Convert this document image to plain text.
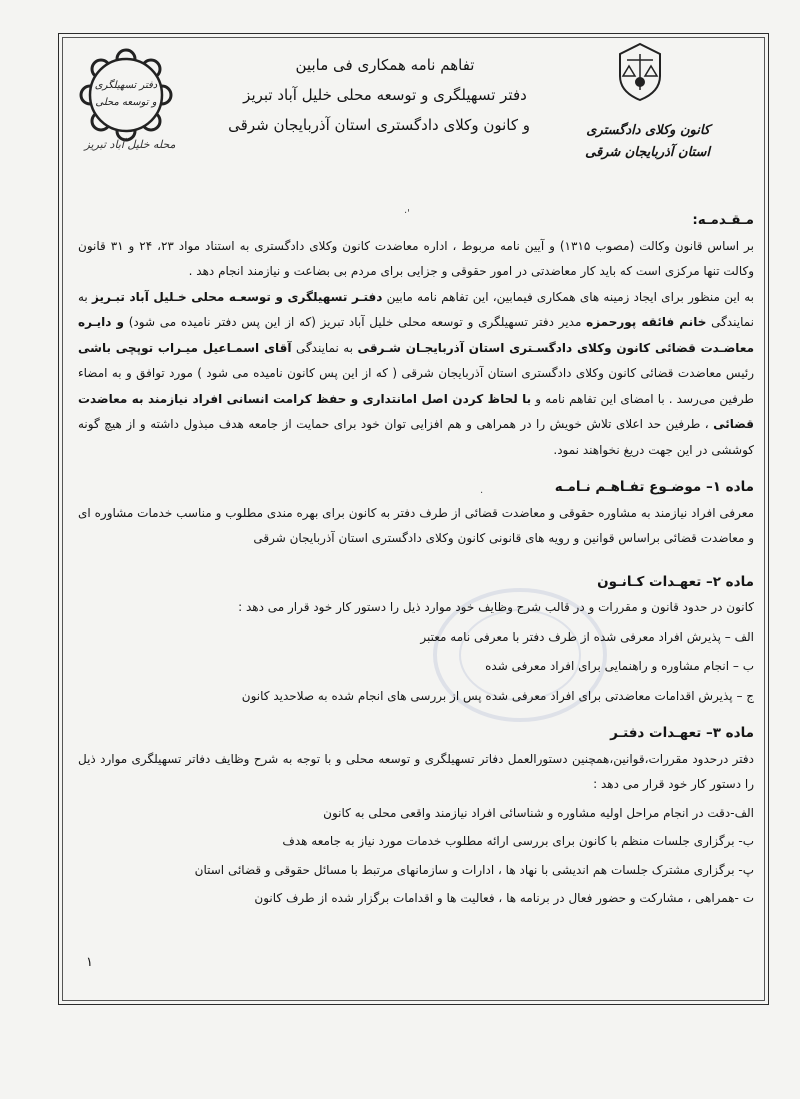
دفتر تسهیلگری
و توسعه محلی
محله خلیل آباد تبریز
کانون وکلای دادگستری
استان آذربایجان شرقی
تفاهم نامه همکاری فی مابین
دفتر تسهیلگری و توسعه محلی خلیل آباد تبریز
و کانون وکلای دادگستری استان آذربایجان شرقی
·'
·

مـقـدمـه:

بر اساس قانون وکالت (مصوب ۱۳۱۵) و آیین نامه مربوط ، اداره معاضدت کانون وکلای دادگستری به استناد مواد ۲۳، ۲۴ و ۳۱ قانون وکالت تنها مرکزی است که باید کار معاضدتی در امور حقوقی و جزایی برای مردم بی بضاعت و نیازمند انجام دهد .

به این منظور برای ایجاد زمینه های همکاری فیمابین، این تفاهم نامه مابین دفتـر تسهیلگری و توسعـه محلی خـلیل آباد تبـریز به نمایندگی خانم فائقه پورحمزه مدیر دفتر تسهیلگری و توسعه محلی خلیل آباد تبریز (که از این پس دفتر نامیده می شود) و دایـره معاضـدت قضائی کانون وکلای دادگسـتری استان آذربایجـان شـرقی به نمایندگی آقای اسمـاعیل میـراب توپچی باشی رئیس معاضدت قضائی کانون وکلای دادگستری استان آذربایجان شرقی ( که از این پس کانون نامیده می شود ) مورد توافق و به امضاء طرفین می‌رسد . با امضای این تفاهم نامه و با لحاظ کردن اصل امانتداری و حفظ کرامت انسانی افراد نیازمند به معاضدت قضائی ، طرفین حد اعلای تلاش خویش را در همراهی و هم افزایی توان خود برای حمایت از جامعه هدف مبذول داشته و از هیچ گونه کوششی در این جهت دریغ نخواهند نمود.

ماده ۱– موضـوع تفـاهـم نـامـه

معرفی افراد نیازمند به مشاوره حقوقی و معاضدت قضائی از طرف دفتر به کانون برای بهره مندی مطلوب و مناسب خدمات مشاوره ای و معاضدت قضائی براساس قوانین و رویه های قانونی کانون وکلای دادگستری استان آذربایجان شرقی

ماده ۲– تعهـدات کـانـون

کانون در حدود قانون و مقررات و در قالب شرح وظایف خود موارد ذیل را دستور کار خود قرار می دهد :

الف – پذیرش افراد معرفی شده از طرف دفتر با معرفی نامه معتبر

ب – انجام مشاوره و راهنمایی برای افراد معرفی شده

ج – پذیرش اقدامات معاضدتی برای افراد معرفی شده پس از بررسی های انجام شده به صلاحدید کانون

ماده ۳– تعهـدات دفتـر

دفتر درحدود مقررات،قوانین،همچنین دستورالعمل دفاتر تسهیلگری و توسعه محلی و با توجه به شرح وظایف دفاتر تسهیلگری موارد ذیل را دستور کار خود قرار می دهد :

الف-دقت در انجام مراحل اولیه مشاوره و شناسائی افراد نیازمند واقعی محلی به کانون

ب- برگزاری جلسات منظم با کانون برای بررسی ارائه مطلوب خدمات مورد نیاز به جامعه هدف

پ- برگزاری مشترک جلسات هم اندیشی با نهاد ها ، ادارات و سازمانهای مرتبط با مسائل حقوقی و قضائی استان

ت -همراهی ، مشارکت و حضور فعال در برنامه ها ، فعالیت ها و اقدامات برگزار شده از طرف کانون

۱
